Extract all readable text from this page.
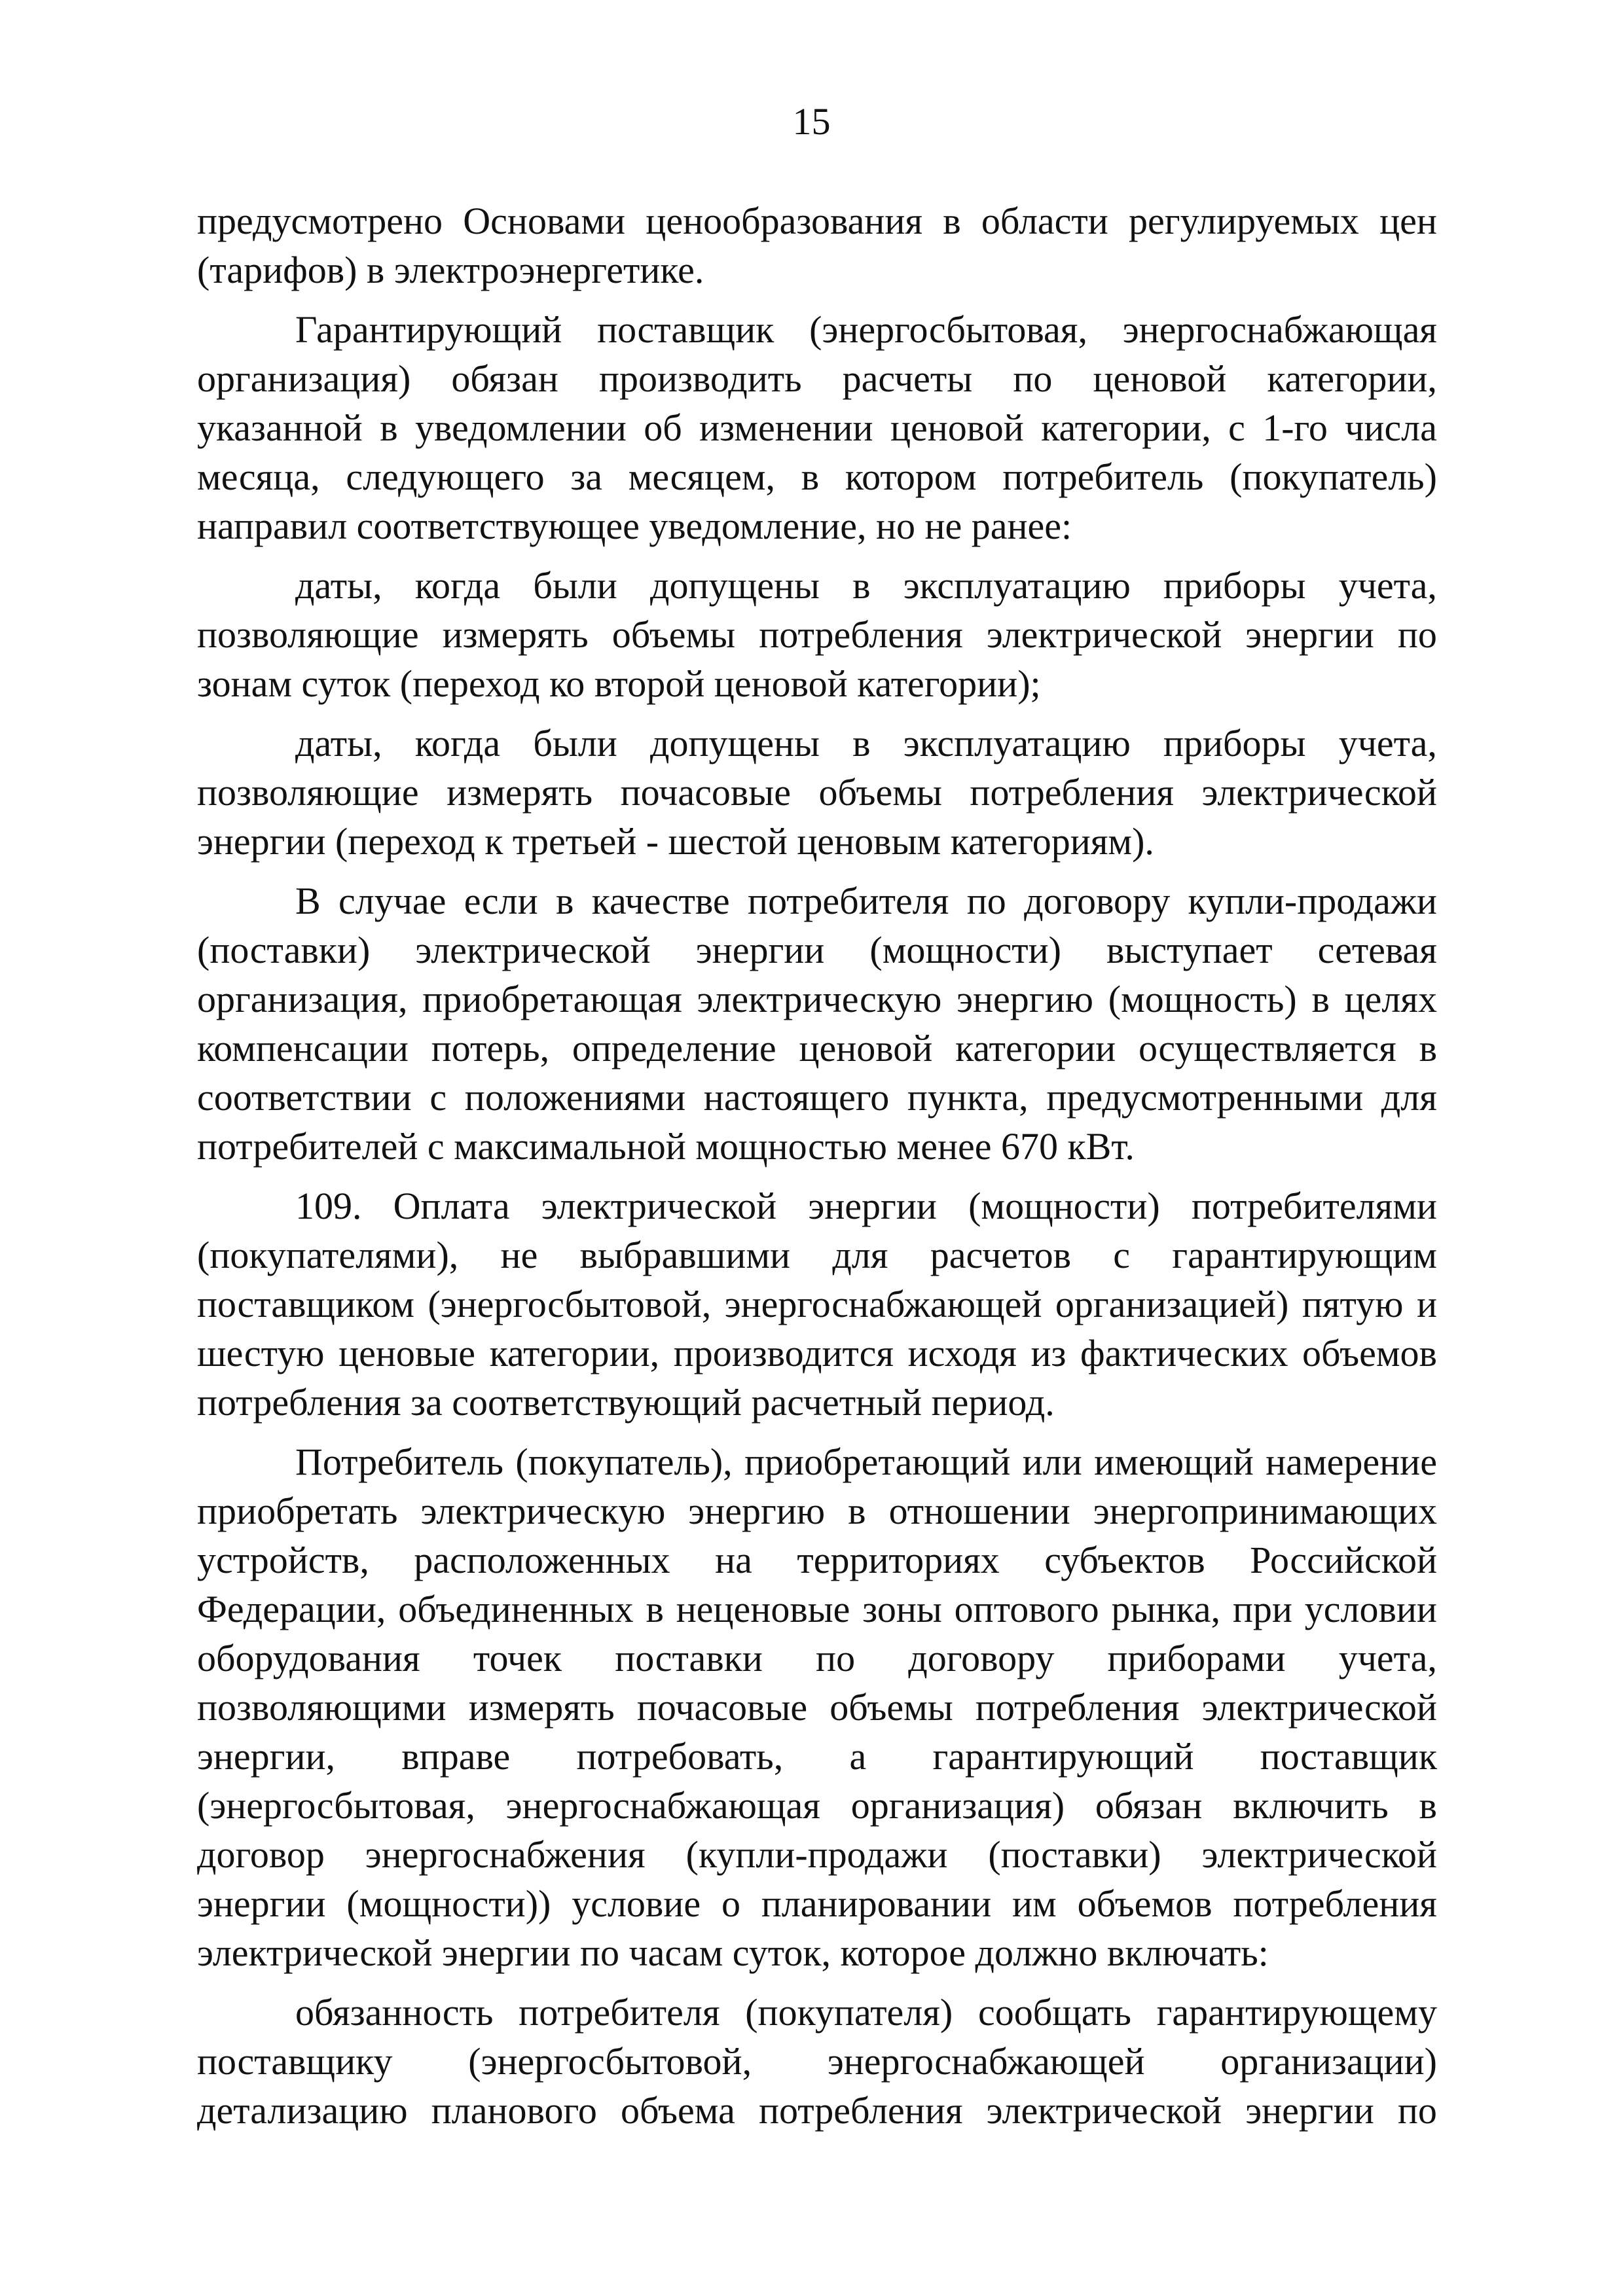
15
предусмотрено Основами ценообразования в области регулируемых цен
(тарифов) в электроэнергетике.
Гарантирующий поставщик (энергосбытовая, энергоснабжающая
организация) обязан производить расчеты по ценовой категории,
указанной в уведомлении об изменении ценовой категории, с 1-го числа
месяца, следующего за месяцем, в котором потребитель (покупатель)
направил соответствующее уведомление, но не ранее:
даты, когда были допущены в эксплуатацию приборы учета,
позволяющие измерять объемы потребления электрической энергии по
зонам суток (переход ко второй ценовой категории);
даты, когда были допущены в эксплуатацию приборы учета,
позволяющие измерять почасовые объемы потребления электрической
энергии (переход к третьей - шестой ценовым категориям).
В случае если в качестве потребителя по договору купли-продажи
(поставки) электрической энергии (мощности) выступает сетевая
организация, приобретающая электрическую энергию (мощность) в целях
компенсации потерь, определение ценовой категории осуществляется в
соответствии с положениями настоящего пункта, предусмотренными для
потребителей с максимальной мощностью менее 670 кВт.
109. Оплата электрической энергии (мощности) потребителями
(покупателями), не выбравшими для расчетов с гарантирующим
поставщиком (энергосбытовой, энергоснабжающей организацией) пятую и
шестую ценовые категории, производится исходя из фактических объемов
потребления за соответствующий расчетный период.
Потребитель (покупатель), приобретающий или имеющий намерение
приобретать электрическую энергию в отношении энергопринимающих
устройств, расположенных на территориях субъектов Российской
Федерации, объединенных в неценовые зоны оптового рынка, при условии
оборудования точек поставки по договору приборами учета,
позволяющими измерять почасовые объемы потребления электрической
энергии, вправе потребовать, а гарантирующий поставщик
(энергосбытовая, энергоснабжающая организация) обязан включить в
договор энергоснабжения (купли-продажи (поставки) электрической
энергии (мощности)) условие о планировании им объемов потребления
электрической энергии по часам суток, которое должно включать:
обязанность потребителя (покупателя) сообщать гарантирующему
поставщику (энергосбытовой, энергоснабжающей организации)
детализацию планового объема потребления электрической энергии по
